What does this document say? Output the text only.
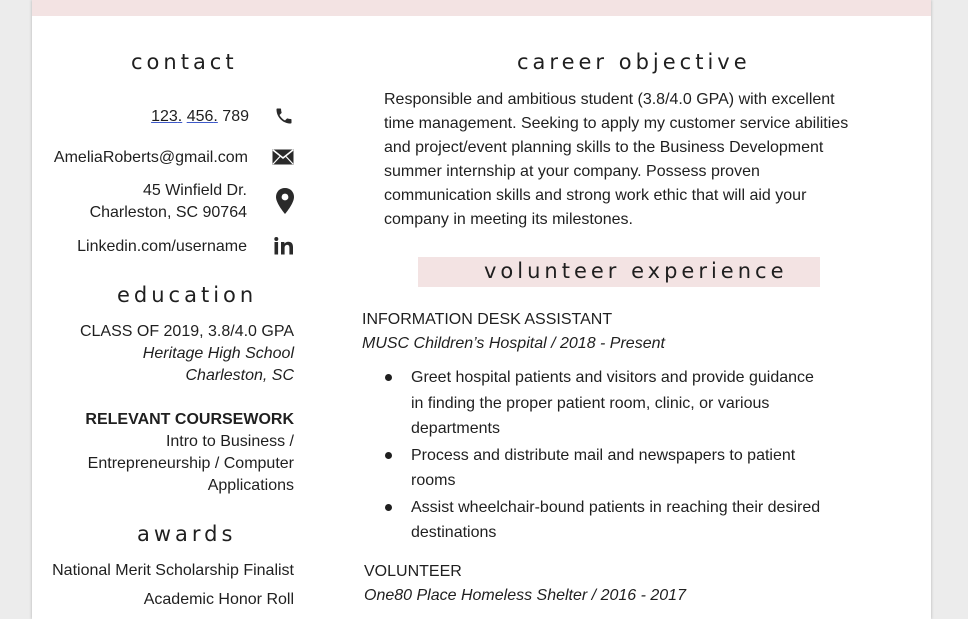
contact
123. 456. 789
AmeliaRoberts@gmail.com
45 Winfield Dr.
Charleston, SC 90764
Linkedin.com/username
education
CLASS OF 2019, 3.8/4.0 GPA
Heritage High School
Charleston, SC
RELEVANT COURSEWORK
Intro to Business /
Entrepreneurship / Computer
Applications
awards
National Merit Scholarship Finalist
Academic Honor Roll
career objective
Responsible and ambitious student (3.8/4.0 GPA) with excellent
time management. Seeking to apply my customer service abilities
and project/event planning skills to the Business Development
summer internship at your company. Possess proven
communication skills and strong work ethic that will aid your
company in meeting its milestones.
volunteer experience
INFORMATION DESK ASSISTANT
MUSC Children’s Hospital / 2018 - Present
Greet hospital patients and visitors and provide guidance
in finding the proper patient room, clinic, or various
departments
Process and distribute mail and newspapers to patient
rooms
Assist wheelchair-bound patients in reaching their desired
destinations
VOLUNTEER
One80 Place Homeless Shelter / 2016 - 2017
